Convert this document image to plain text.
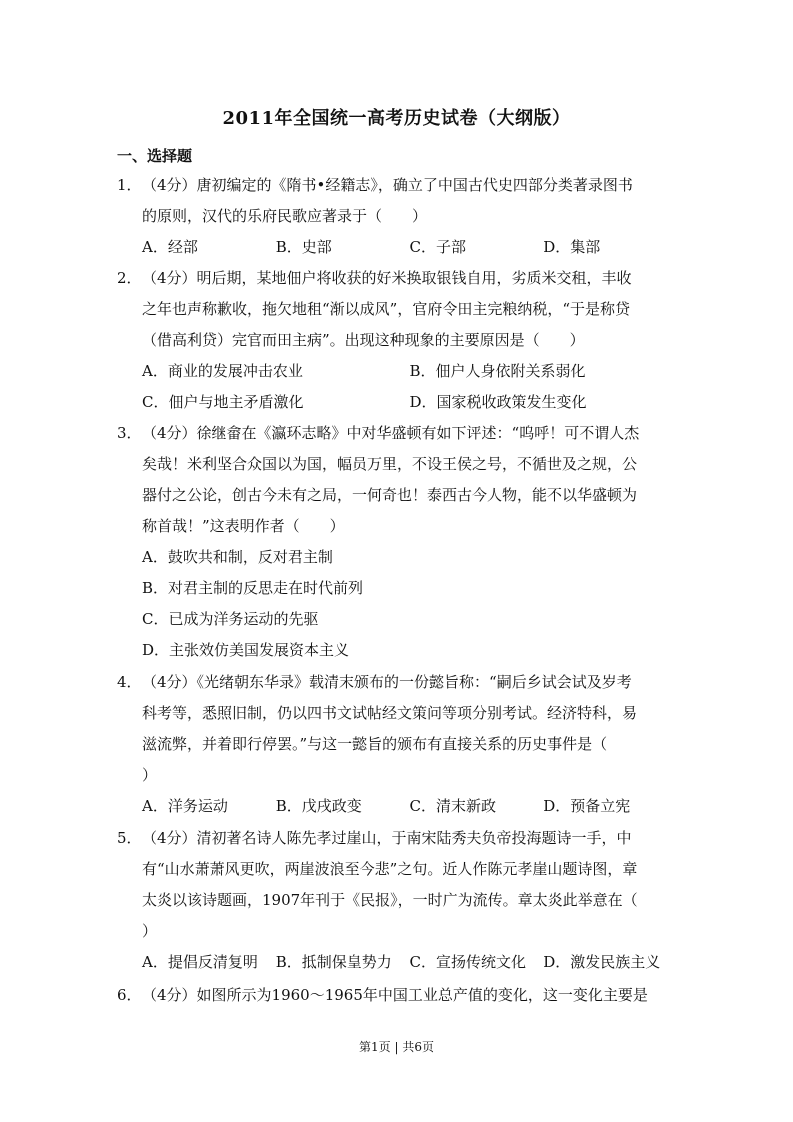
2011年全国统一高考历史试卷（大纲版）
一、选择题
1．（4分）唐初编定的《隋书•经籍志》，确立了中国古代史四部分类著录图书
的原则，汉代的乐府民歌应著录于（　　）
A．经部	B．史部	C．子部	D．集部
2．（4分）明后期，某地佃户将收获的好米换取银钱自用，劣质米交租，丰收
之年也声称歉收，拖欠地租“渐以成风”，官府令田主完粮纳税，“于是称贷
（借高利贷）完官而田主病”。出现这种现象的主要原因是（　　）
A．商业的发展冲击农业	B．佃户人身依附关系弱化
C．佃户与地主矛盾激化	D．国家税收政策发生变化
3．（4分）徐继畲在《瀛环志略》中对华盛顿有如下评述：“呜呼！可不谓人杰
矣哉！米利坚合众国以为国，幅员万里，不设王侯之号，不循世及之规，公
器付之公论，创古今未有之局，一何奇也！泰西古今人物，能不以华盛顿为
称首哉！”这表明作者（　　）
A．鼓吹共和制，反对君主制
B．对君主制的反思走在时代前列
C．已成为洋务运动的先驱
D．主张效仿美国发展资本主义
4．（4分）《光绪朝东华录》载清末颁布的一份懿旨称：“嗣后乡试会试及岁考
科考等，悉照旧制，仍以四书文试帖经文策问等项分别考试。经济特科，易
滋流弊，并着即行停罢。”与这一懿旨的颁布有直接关系的历史事件是（
）
A．洋务运动	B．戊戌政变	C．清末新政	D．预备立宪
5．（4分）清初著名诗人陈先孝过崖山，于南宋陆秀夫负帝投海题诗一手，中
有“山水萧萧风更吹，两崖波浪至今悲”之句。近人作陈元孝崖山题诗图，章
太炎以该诗题画，1907年刊于《民报》，一时广为流传。章太炎此举意在（
）
A．提倡反清复明	B．抵制保皇势力	C．宣扬传统文化	D．激发民族主义
6．（4分）如图所示为1960～1965年中国工业总产值的变化，这一变化主要是
第1页 | 共6页
